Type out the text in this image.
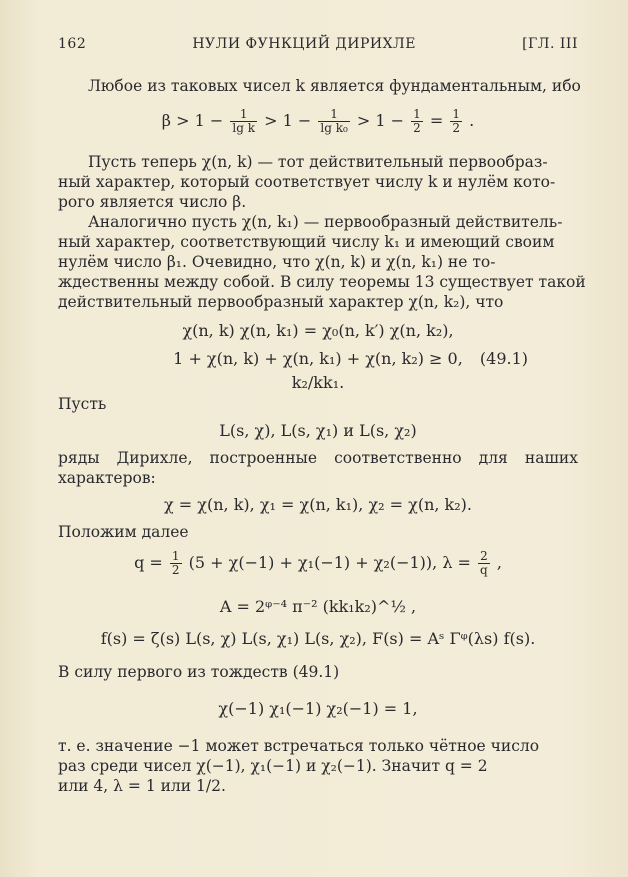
162	НУЛИ ФУНКЦИЙ ДИРИХЛЕ	[ГЛ. III
Любое из таковых чисел k является фундаментальным, ибо
$\beta > 1 - \frac{1}{\text{lg k}} > 1 - \frac{1}{\text{lg k₀}} > 1 - \frac{1}{2} = \frac{1}{2}$ .
Пусть теперь χ(n, k) — тот действительный первообраз-
ный характер, который соответствует числу k и нулём кото-
рого является число β.
Аналогично пусть χ(n, k₁) — первообразный действитель-
ный характер, соответствующий числу k₁ и имеющий своим
нулём число β₁. Очевидно, что χ(n, k) и χ(n, k₁) не то-
ждественны между собой. В силу теоремы 13 существует такой
действительный первообразный характер χ(n, k₂), что
χ(n, k) χ(n, k₁) = χ₀(n, k′) χ(n, k₂),
1 + χ(n, k) + χ(n, k₁) + χ(n, k₂) ≥ 0, (49.1)
k₂/kk₁.
Пусть
L(s, χ), L(s, χ₁) и L(s, χ₂)
ряды Дирихле, построенные соответственно для наших
характеров:
χ = χ(n, k), χ₁ = χ(n, k₁), χ₂ = χ(n, k₂).
Положим далее
$q = \frac{1}{2} (5 + \chi(-1) + \chi_1(-1) + \chi_2(-1))$, $\lambda = \frac{2}{q}$ ,
A = 2ᵠ⁻⁴ π⁻² (kk₁k₂)^½ ,
f(s) = ζ(s) L(s, χ) L(s, χ₁) L(s, χ₂), F(s) = Aˢ Γᵠ(λs) f(s).
В силу первого из тождеств (49.1)
χ(−1) χ₁(−1) χ₂(−1) = 1,
т. е. значение −1 может встречаться только чётное число
раз среди чисел χ(−1), χ₁(−1) и χ₂(−1). Значит q = 2
или 4, λ = 1 или 1/2.
